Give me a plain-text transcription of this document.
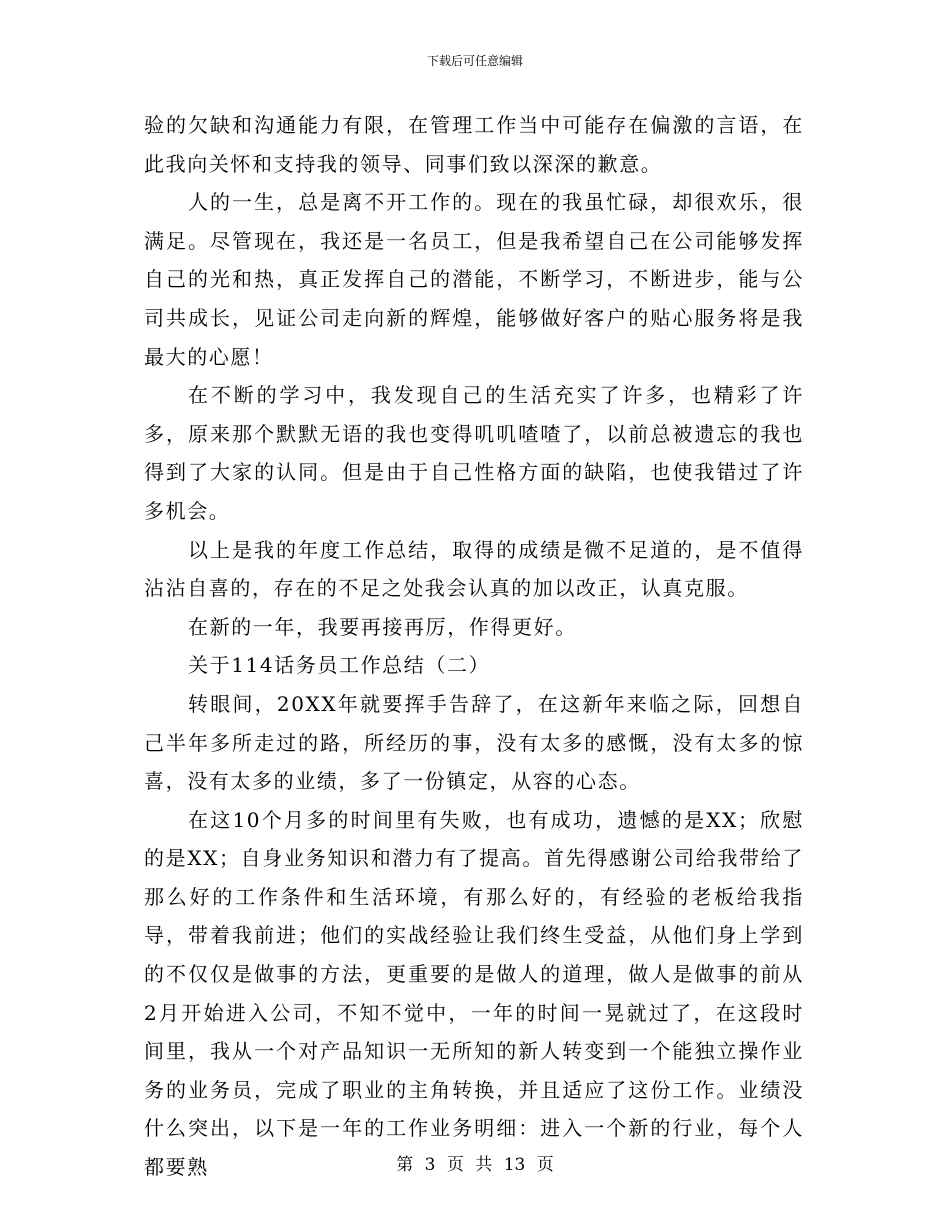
下载后可任意编辑

验的欠缺和沟通能力有限，在管理工作当中可能存在偏激的言语，在此我向关怀和支持我的领导、同事们致以深深的歉意。

人的一生，总是离不开工作的。现在的我虽忙碌，却很欢乐，很满足。尽管现在，我还是一名员工，但是我希望自己在公司能够发挥自己的光和热，真正发挥自己的潜能，不断学习，不断进步，能与公司共成长，见证公司走向新的辉煌，能够做好客户的贴心服务将是我最大的心愿！

在不断的学习中，我发现自己的生活充实了许多，也精彩了许多，原来那个默默无语的我也变得叽叽喳喳了，以前总被遗忘的我也得到了大家的认同。但是由于自己性格方面的缺陷，也使我错过了许多机会。

以上是我的年度工作总结，取得的成绩是微不足道的，是不值得沾沾自喜的，存在的不足之处我会认真的加以改正，认真克服。

在新的一年，我要再接再厉，作得更好。

关于114话务员工作总结（二）

转眼间，20XX年就要挥手告辞了，在这新年来临之际，回想自己半年多所走过的路，所经历的事，没有太多的感慨，没有太多的惊喜，没有太多的业绩，多了一份镇定，从容的心态。

在这10个月多的时间里有失败，也有成功，遗憾的是XX；欣慰的是XX；自身业务知识和潜力有了提高。首先得感谢公司给我带给了那么好的工作条件和生活环境，有那么好的，有经验的老板给我指导，带着我前进；他们的实战经验让我们终生受益，从他们身上学到的不仅仅是做事的方法，更重要的是做人的道理，做人是做事的前从2月开始进入公司，不知不觉中，一年的时间一晃就过了，在这段时间里，我从一个对产品知识一无所知的新人转变到一个能独立操作业务的业务员，完成了职业的主角转换，并且适应了这份工作。业绩没什么突出，以下是一年的工作业务明细：进入一个新的行业，每个人都要熟	第 3 页 共 13 页
